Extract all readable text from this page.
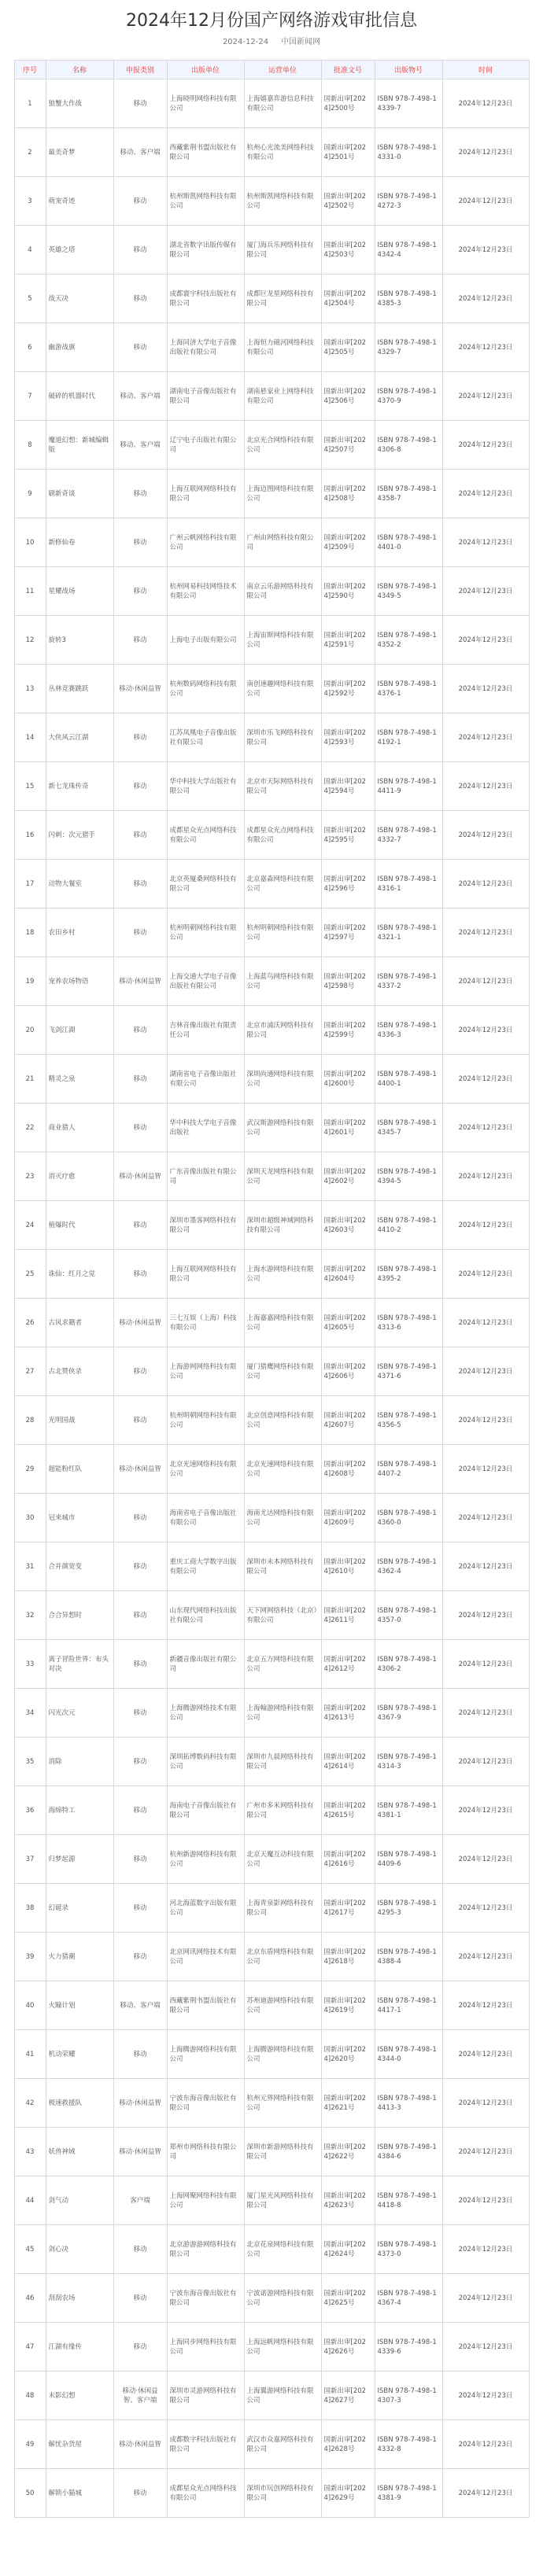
2024年12月份国产网络游戏审批信息
2024-12-24 中国新闻网
序号	名称	申报类别	出版单位	运营单位	批准文号	出版物号	时间
1	狼蟹大作战	移动	上海晓明网络科技有限公司	上海嬉嘉弈游信息科技有限公司	国新出审[2024]2500号	ISBN 978-7-498-14339-7	2024年12月23日
2	最美奇梦	移动、客户端	西藏紫荆书盟出版社有限公司	杭州心光流美网络科技有限公司	国新出审[2024]2501号	ISBN 978-7-498-14331-0	2024年12月23日
3	萌宠奇迹	移动	杭州斯凯网络科技有限公司	杭州斯凯网络科技有限公司	国新出审[2024]2502号	ISBN 978-7-498-14272-3	2024年12月23日
4	英雄之塔	移动	湖北省数字出版传媒有限公司	厦门海兵乐网络科技有限公司	国新出审[2024]2503号	ISBN 978-7-498-14342-4	2024年12月23日
5	战天决	移动	成都寰宇科技出版社有限公司	成都巨龙星网络科技有限公司	国新出审[2024]2504号	ISBN 978-7-498-14385-3	2024年12月23日
6	幽游战旗	移动	上海同济大学电子音像出版社有限公司	上海恒力磁河网络科技有限公司	国新出审[2024]2505号	ISBN 978-7-498-14329-7	2024年12月23日
7	破碎的机器时代	移动、客户端	湖南电子音像出版社有限公司	湖南悬家业上网络科技有限公司	国新出审[2024]2506号	ISBN 978-7-498-14370-9	2024年12月23日
8	魔道幻想：新城编辑版	移动、客户端	辽宁电子出版社有限公司	北京光合网络科技有限公司	国新出审[2024]2507号	ISBN 978-7-498-14306-8	2024年12月23日
9	刷新奇谈	移动	上海互联网网络科技有限公司	上海迈图网络科技有限公司	国新出审[2024]2508号	ISBN 978-7-498-14358-7	2024年12月23日
10	新修仙卷	移动	广州云帆网络科技有限公司	广州由网络科技有限公司	国新出审[2024]2509号	ISBN 978-7-498-14401-0	2024年12月23日
11	星耀战场	移动	杭州网易科技网络技术有限公司	南京云乐游网络科技有限公司	国新出审[2024]2590号	ISBN 978-7-498-14349-5	2024年12月23日
12	旋转3	移动	上海电子出版有限公司	上海宙斯网络科技有限公司	国新出审[2024]2591号	ISBN 978-7-498-14352-2	2024年12月23日
13	丛林竞赛跳跃	移动·休闲益智	杭州数码网络科技有限公司	南创速趣网络科技有限公司	国新出审[2024]2592号	ISBN 978-7-498-14376-1	2024年12月23日
14	大侠风云江湖	移动	江苏凤凰电子音像出版社有限公司	深圳市乐飞网络科技有限公司	国新出审[2024]2593号	ISBN 978-7-498-14192-1	2024年12月23日
15	新七龙珠传奇	移动	华中科技大学出版社有限公司	北京市天际网络科技有限公司	国新出审[2024]2594号	ISBN 978-7-498-14411-9	2024年12月23日
16	闪刺：次元猎手	移动	成都星众光点网络科技有限公司	成都星众光点网络科技有限公司	国新出审[2024]2595号	ISBN 978-7-498-14332-7	2024年12月23日
17	动物大餐室	移动	北京英厦桑网络科技有限公司	北京嘉森网络科技有限公司	国新出审[2024]2596号	ISBN 978-7-498-14316-1	2024年12月23日
18	农田乡村	移动	杭州明朝网络科技有限公司	杭州明朝网络科技有限公司	国新出审[2024]2597号	ISBN 978-7-498-14321-1	2024年12月23日
19	宠养农场物语	移动·休闲益智	上海交通大学电子音像出版社有限公司	上海蓝鸟网络科技有限公司	国新出审[2024]2598号	ISBN 978-7-498-14337-2	2024年12月23日
20	飞剑江湖	移动	吉林音像出版社有限责任公司	北京市浦沃网络科技有限公司	国新出审[2024]2599号	ISBN 978-7-498-14336-3	2024年12月23日
21	精灵之泉	移动	湖南省电子音像出版社有限公司	深圳尚通网络科技有限公司	国新出审[2024]2600号	ISBN 978-7-498-14400-1	2024年12月23日
22	商业猎人	移动	华中科技大学电子音像出版社	武汉斯游网络科技有限公司	国新出审[2024]2601号	ISBN 978-7-498-14345-7	2024年12月23日
23	消灭疗愈	移动·休闲益智	广东音像出版社有限公司	深圳天龙网络科技有限公司	国新出审[2024]2602号	ISBN 978-7-498-14394-5	2024年12月23日
24	植爆时代	移动	深圳市墨客网络科技有限公司	深圳市超级神域网络科技有限公司	国新出审[2024]2603号	ISBN 978-7-498-14410-2	2024年12月23日
25	诛仙：红月之觉	移动	上海互联网网络科技有限公司	上海水游网络科技有限公司	国新出审[2024]2604号	ISBN 978-7-498-14395-2	2024年12月23日
26	古风求籍者	移动·休闲益智	三七互娱（上海）科技有限公司	上海嘉嘉网络科技有限公司	国新出审[2024]2605号	ISBN 978-7-498-14313-6	2024年12月23日
27	古北赞侠录	移动	上海游网网络科技有限公司	厦门猎鹰网络科技有限公司	国新出审[2024]2606号	ISBN 978-7-498-14371-6	2024年12月23日
28	光明国战	移动	杭州明朝网络科技有限公司	北京创意网络科技有限公司	国新出审[2024]2607号	ISBN 978-7-498-14356-5	2024年12月23日
29	超能粉红队	移动·休闲益智	北京光速网络科技有限公司	北京光速网络科技有限公司	国新出审[2024]2608号	ISBN 978-7-498-14407-2	2024年12月23日
30	冠来城市	移动	海南省电子音像出版社有限公司	海南尤达网络科技有限公司	国新出审[2024]2609号	ISBN 978-7-498-14360-0	2024年12月23日
31	合并颜宽变	移动	重庆工商大学数字出版有限公司	深圳市未本网络科技有限公司	国新出审[2024]2610号	ISBN 978-7-498-14362-4	2024年12月23日
32	合合异想时	移动	山东现代网络科技出版社有限公司	天下网网络科技（北京）有限公司	国新出审[2024]2611号	ISBN 978-7-498-14357-0	2024年12月23日
33	离子冒险世界：布头对决	移动	新疆音像出版社有限公司	北京五方网络科技有限公司	国新出审[2024]2612号	ISBN 978-7-498-14306-2	2024年12月23日
34	闪光次元	移动	上海腾游网络技术有限公司	上海翰游网络科技有限公司	国新出审[2024]2613号	ISBN 978-7-498-14367-9	2024年12月23日
35	消除	移动	深圳拓博数码科技有限公司	深圳市九晨网络科技有限公司	国新出审[2024]2614号	ISBN 978-7-498-14314-3	2024年12月23日
36	海绵特工	移动	海南电子音像出版社有限公司	广州市多米网络科技有限公司	国新出审[2024]2615号	ISBN 978-7-498-14381-1	2024年12月23日
37	归梦起源	移动	杭州新游网络科技有限公司	北京天魔互动科技有限公司	国新出审[2024]2616号	ISBN 978-7-498-14409-6	2024年12月23日
38	幻诞录	移动	河北海蓝数字出版有限公司	上海青泉影网络科技有限公司	国新出审[2024]2617号	ISBN 978-7-498-14295-3	2024年12月23日
39	火力猎潮	移动	北京网讯网络技术有限公司	北京东盾网络科技有限公司	国新出审[2024]2618号	ISBN 978-7-498-14388-4	2024年12月23日
40	火瞳计划	移动、客户端	西藏紫荆书盟出版社有限公司	苏州迪游网络科技有限公司	国新出审[2024]2619号	ISBN 978-7-498-14417-1	2024年12月23日
41	机动荣耀	移动	上海腾游网络科技有限公司	上海腾游网络科技有限公司	国新出审[2024]2620号	ISBN 978-7-498-14344-0	2024年12月23日
42	极速救援队	移动·休闲益智	宁波东海音像出版社有限公司	杭州元界网络科技有限公司	国新出审[2024]2621号	ISBN 978-7-498-14413-3	2024年12月23日
43	妖兽神域	移动·休闲益智	郑州市网络科技有限公司	深圳市新游网络科技有限公司	国新出审[2024]2622号	ISBN 978-7-498-14384-6	2024年12月23日
44	剑气动	客户端	上海网聚网络科技有限公司	厦门星光风网络科技有限公司	国新出审[2024]2623号	ISBN 978-7-498-14418-8	2024年12月23日
45	剑心决	移动	北京游游游网络科技有限公司	北京花泉网络科技有限公司	国新出审[2024]2624号	ISBN 978-7-498-14373-0	2024年12月23日
46	刮刮农场	移动	宁波东海音像出版社有限公司	宁波诺游网络科技有限公司	国新出审[2024]2625号	ISBN 978-7-498-14367-4	2024年12月23日
47	江湖有缘传	移动	上海同步网络科技有限公司	上海远帆网络科技有限公司	国新出审[2024]2626号	ISBN 978-7-498-14339-6	2024年12月23日
48	末影幻想	移动·休闲益智、客户端	深圳市灵游网络科技有限公司	上海翼游网络科技有限公司	国新出审[2024]2627号	ISBN 978-7-498-14307-3	2024年12月23日
49	解忧杂货屋	移动·休闲益智	成都数字科技出版社有限公司	武汉市众嘉网络科技有限公司	国新出审[2024]2628号	ISBN 978-7-498-14332-8	2024年12月23日
50	解锁小猫城	移动	成都星众光点网络科技有限公司	深圳市玩创网络科技有限公司	国新出审[2024]2629号	ISBN 978-7-498-14381-9	2024年12月23日
